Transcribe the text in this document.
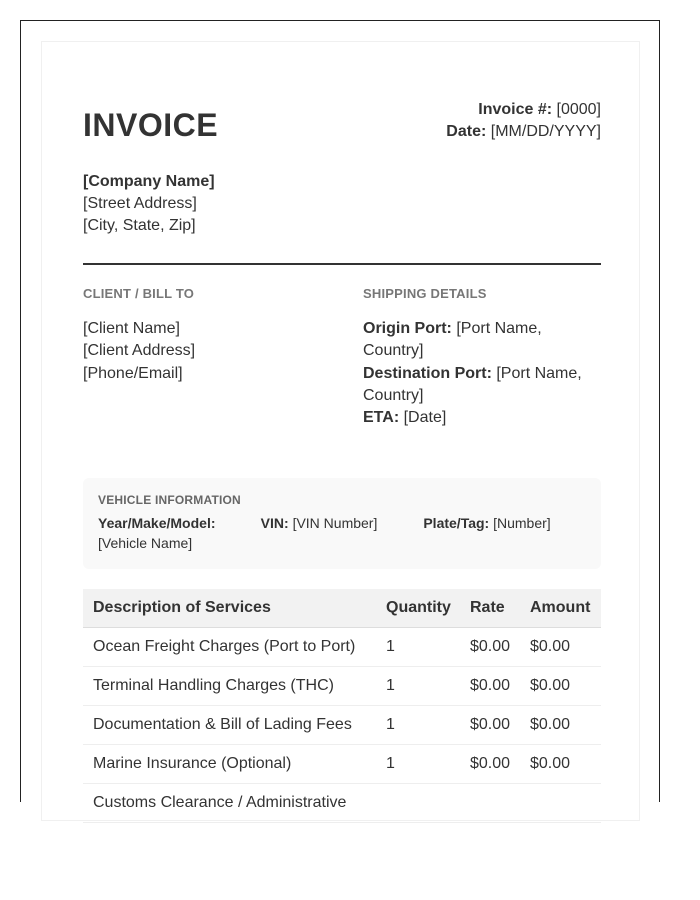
INVOICE	Invoice #: [0000]
Date: [MM/DD/YYYY]
[Company Name]
[Street Address]
[City, State, Zip]
CLIENT / BILL TO
[Client Name]
[Client Address]
[Phone/Email]
SHIPPING DETAILS
Origin Port: [Port Name, Country]
Destination Port: [Port Name, Country]
ETA: [Date]
VEHICLE INFORMATION
Year/Make/Model:
[Vehicle Name]
VIN: [VIN Number]	Plate/Tag: [Number]
Description of Services	Quantity	Rate	Amount
Ocean Freight Charges (Port to Port)	1	$0.00	$0.00
Terminal Handling Charges (THC)	1	$0.00	$0.00
Documentation & Bill of Lading Fees	1	$0.00	$0.00
Marine Insurance (Optional)	1	$0.00	$0.00
Customs Clearance / Administrative			
